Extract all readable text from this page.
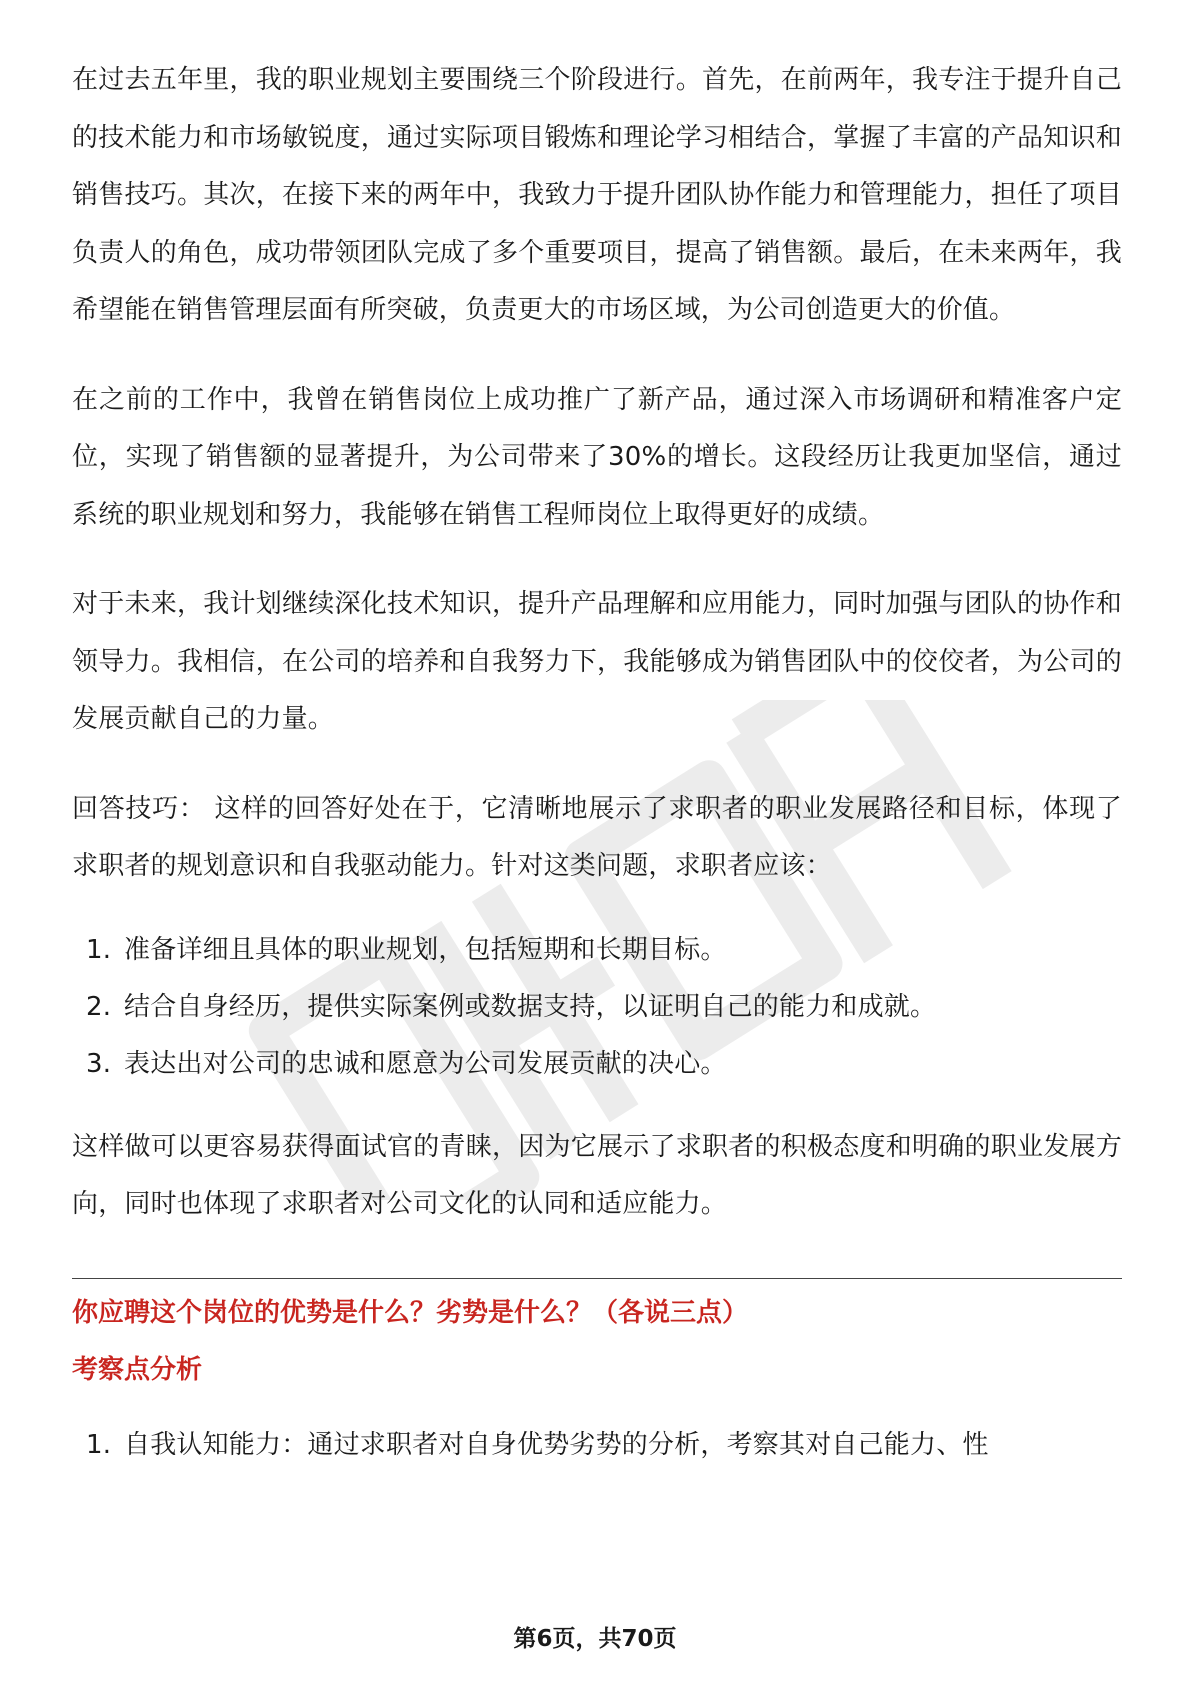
在过去五年里，我的职业规划主要围绕三个阶段进行。首先，在前两年，我专注于提升自己的技术能力和市场敏锐度，通过实际项目锻炼和理论学习相结合，掌握了丰富的产品知识和销售技巧。其次，在接下来的两年中，我致力于提升团队协作能力和管理能力，担任了项目负责人的角色，成功带领团队完成了多个重要项目，提高了销售额。最后，在未来两年，我希望能在销售管理层面有所突破，负责更大的市场区域，为公司创造更大的价值。

在之前的工作中，我曾在销售岗位上成功推广了新产品，通过深入市场调研和精准客户定位，实现了销售额的显著提升，为公司带来了30%的增长。这段经历让我更加坚信，通过系统的职业规划和努力，我能够在销售工程师岗位上取得更好的成绩。

对于未来，我计划继续深化技术知识，提升产品理解和应用能力，同时加强与团队的协作和领导力。我相信，在公司的培养和自我努力下，我能够成为销售团队中的佼佼者，为公司的发展贡献自己的力量。

回答技巧： 这样的回答好处在于，它清晰地展示了求职者的职业发展路径和目标，体现了求职者的规划意识和自我驱动能力。针对这类问题，求职者应该：

1. 准备详细且具体的职业规划，包括短期和长期目标。
2. 结合自身经历，提供实际案例或数据支持，以证明自己的能力和成就。
3. 表达出对公司的忠诚和愿意为公司发展贡献的决心。

这样做可以更容易获得面试官的青睐，因为它展示了求职者的积极态度和明确的职业发展方向，同时也体现了求职者对公司文化的认同和适应能力。

你应聘这个岗位的优势是什么？劣势是什么？（各说三点）

考察点分析

1. 自我认知能力：通过求职者对自身优势劣势的分析，考察其对自己能力、性
第6页，共70页
